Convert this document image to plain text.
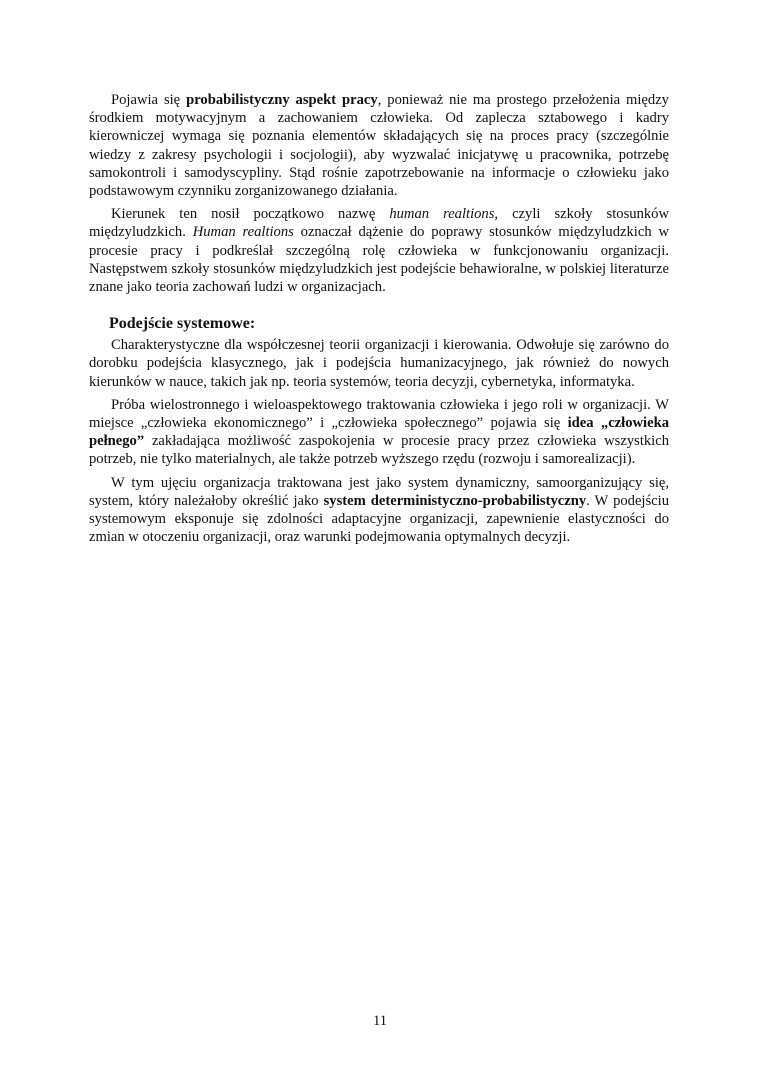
Pojawia się probabilistyczny aspekt pracy, ponieważ nie ma prostego przełożenia między środkiem motywacyjnym a zachowaniem człowieka. Od zaplecza sztabowego i kadry kierowniczej wymaga się poznania elementów składających się na proces pracy (szczególnie wiedzy z zakresy psychologii i socjologii), aby wyzwalać inicjatywę u pracownika, potrzebę samokontroli i samodyscypliny. Stąd rośnie zapotrzebowanie na informacje o człowieku jako podstawowym czynniku zorganizowanego działania.

Kierunek ten nosił początkowo nazwę human realtions, czyli szkoły stosunków międzyludzkich. Human realtions oznaczał dążenie do poprawy stosunków międzyludzkich w procesie pracy i podkreślał szczególną rolę człowieka w funkcjonowaniu organizacji. Następstwem szkoły stosunków międzyludzkich jest podejście behawioralne, w polskiej literaturze znane jako teoria zachowań ludzi w organizacjach.

Podejście systemowe:

Charakterystyczne dla współczesnej teorii organizacji i kierowania. Odwołuje się zarówno do dorobku podejścia klasycznego, jak i podejścia humanizacyjnego, jak również do nowych kierunków w nauce, takich jak np. teoria systemów, teoria decyzji, cybernetyka, informatyka.

Próba wielostronnego i wieloaspektowego traktowania człowieka i jego roli w organizacji. W miejsce „człowieka ekonomicznego” i „człowieka społecznego” pojawia się idea „człowieka pełnego” zakładająca możliwość zaspokojenia w procesie pracy przez człowieka wszystkich potrzeb, nie tylko materialnych, ale także potrzeb wyższego rzędu (rozwoju i samorealizacji).

W tym ujęciu organizacja traktowana jest jako system dynamiczny, samoorganizujący się, system, który należałoby określić jako system deterministyczno-probabilistyczny. W podejściu systemowym eksponuje się zdolności adaptacyjne organizacji, zapewnienie elastyczności do zmian w otoczeniu organizacji, oraz warunki podejmowania optymalnych decyzji.

11
